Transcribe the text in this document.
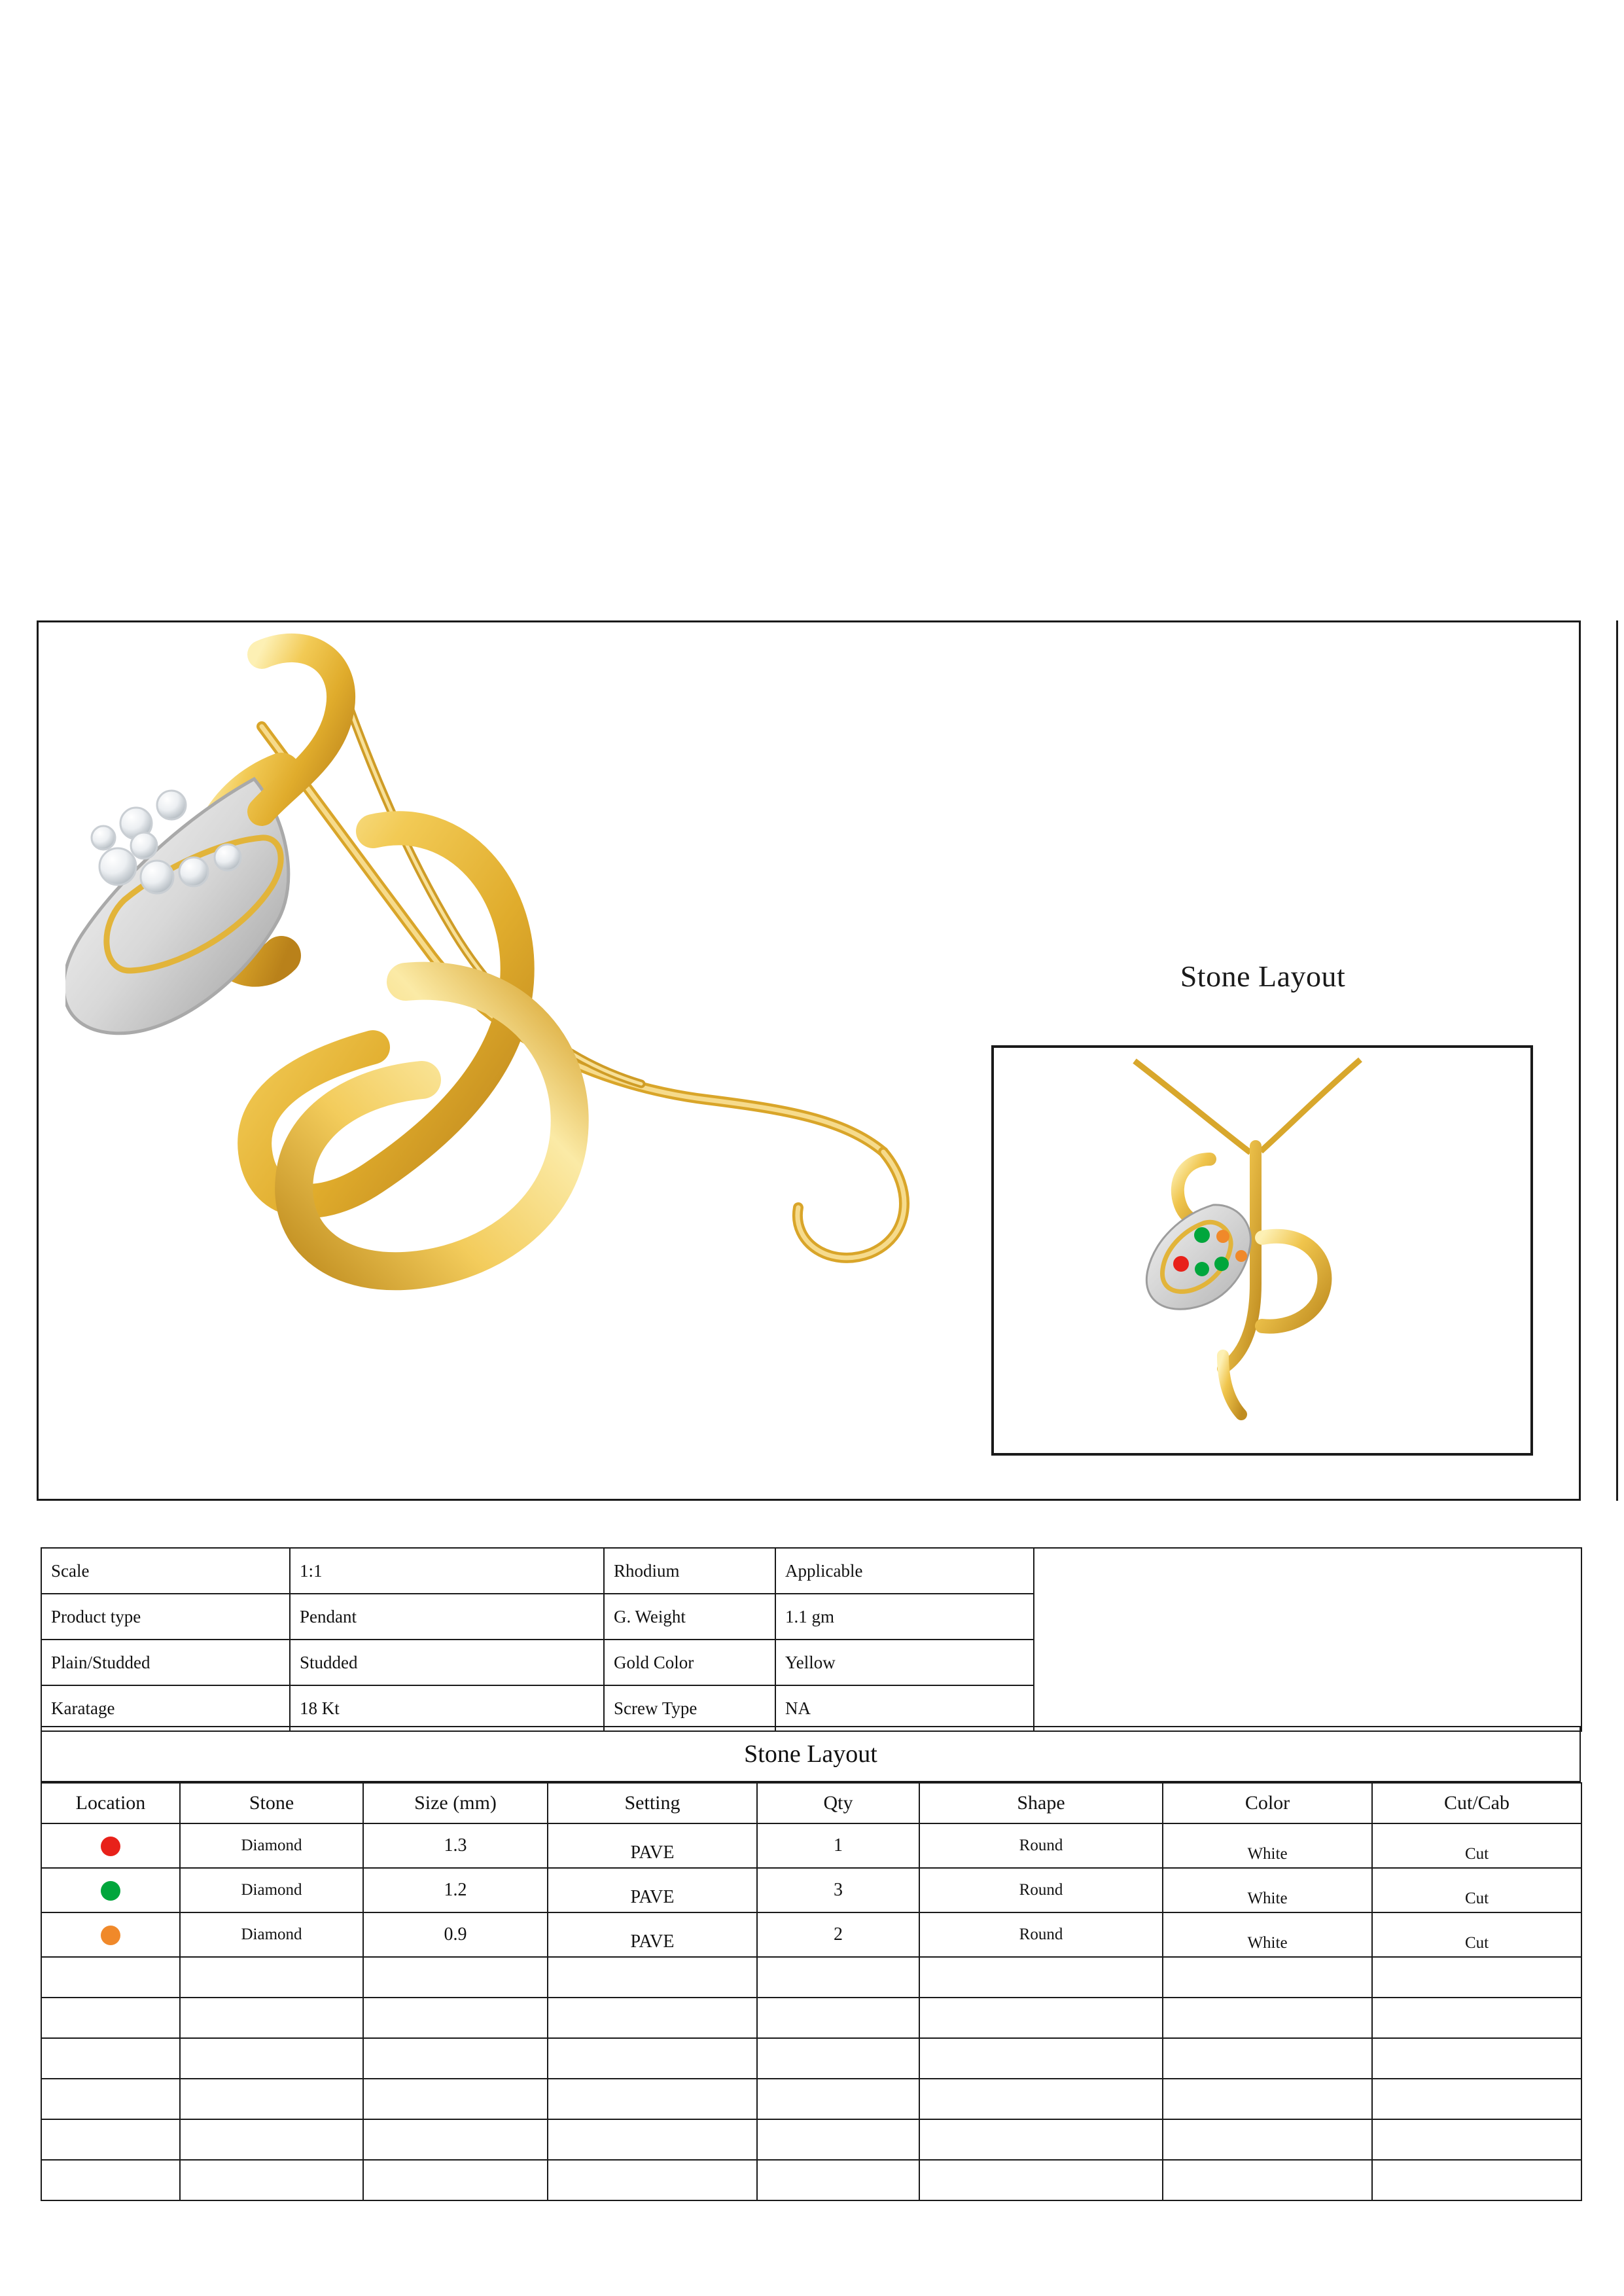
Stone Layout
Scale	1:1	Rhodium	Applicable	
Product type	Pendant	G. Weight	1.1 gm	
Plain/Studded	Studded	Gold Color	Yellow	
Karatage	18 Kt	Screw Type	NA	
Stone Layout
Location	Stone	Size (mm)	Setting	Qty	Shape	Color	Cut/Cab
	Diamond	1.3	PAVE	1	Round	White	Cut
	Diamond	1.2	PAVE	3	Round	White	Cut
	Diamond	0.9	PAVE	2	Round	White	Cut
